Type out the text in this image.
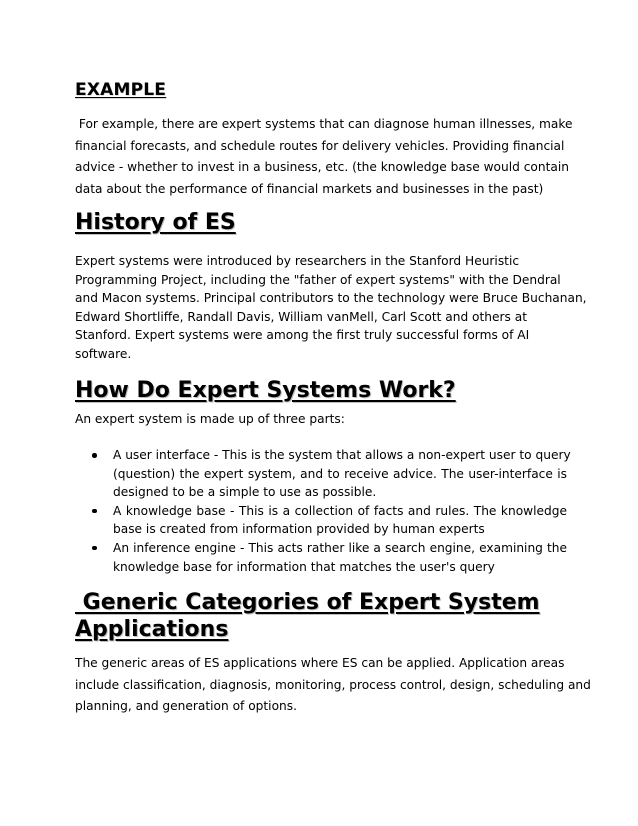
EXAMPLE

For example, there are expert systems that can diagnose human illnesses, make
financial forecasts, and schedule routes for delivery vehicles. Providing financial
advice - whether to invest in a business, etc. (the knowledge base would contain
data about the performance of financial markets and businesses in the past)

History of ES

Expert systems were introduced by researchers in the Stanford Heuristic
Programming Project, including the "father of expert systems" with the Dendral
and Macon systems. Principal contributors to the technology were Bruce Buchanan,
Edward Shortliffe, Randall Davis, William vanMell, Carl Scott and others at
Stanford. Expert systems were among the first truly successful forms of AI
software.

How Do Expert Systems Work?

An expert system is made up of three parts:

A user interface - This is the system that allows a non-expert user to query
(question) the expert system, and to receive advice. The user-interface is
designed to be a simple to use as possible.
A knowledge base - This is a collection of facts and rules. The knowledge
base is created from information provided by human experts
An inference engine - This acts rather like a search engine, examining the
knowledge base for information that matches the user's query
Generic Categories of Expert System
Applications

The generic areas of ES applications where ES can be applied. Application areas
include classification, diagnosis, monitoring, process control, design, scheduling and
planning, and generation of options.
